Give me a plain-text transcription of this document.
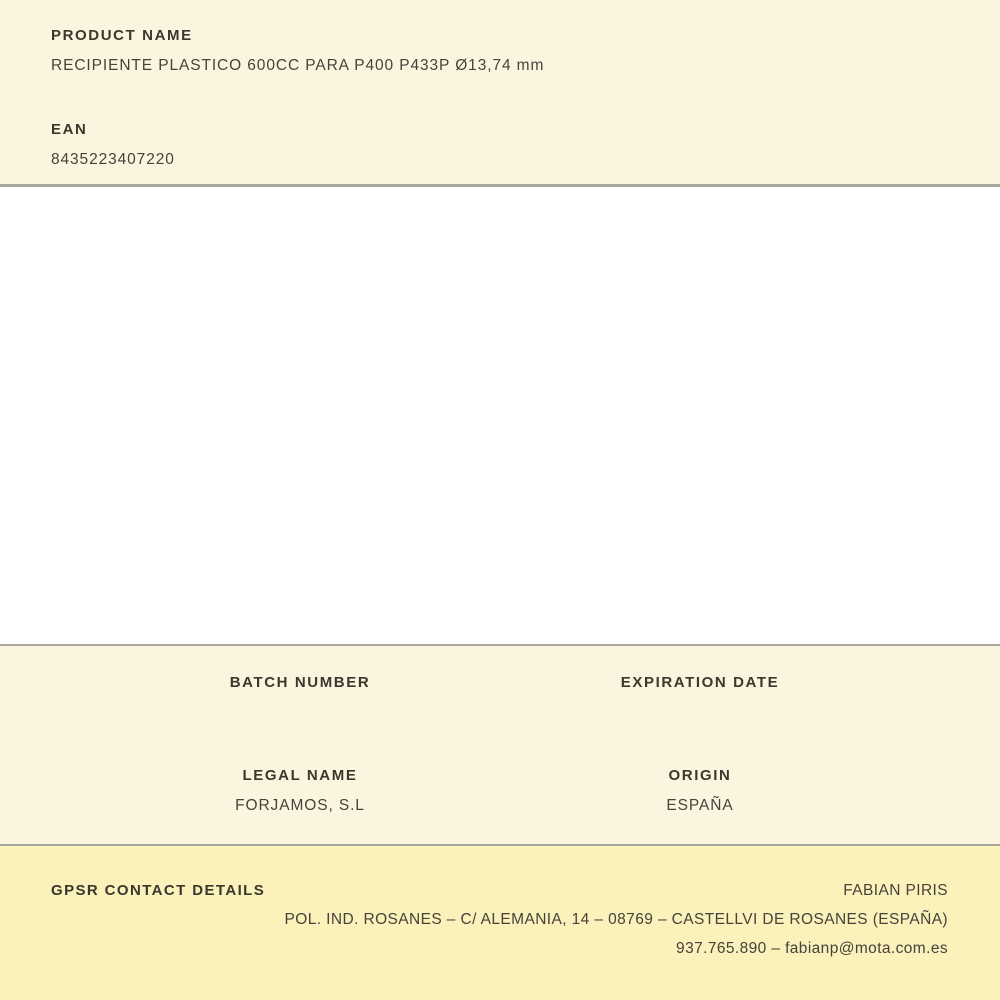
PRODUCT NAME
RECIPIENTE PLASTICO 600CC PARA P400 P433P Ø13,74 mm
EAN
8435223407220
BATCH NUMBER	EXPIRATION DATE
LEGAL NAME
FORJAMOS, S.L
ORIGIN
ESPAÑA
GPSR CONTACT DETAILS	FABIAN PIRIS
POL. IND. ROSANES – C/ ALEMANIA, 14 – 08769 – CASTELLVI DE ROSANES (ESPAÑA)
937.765.890 – fabianp@mota.com.es
